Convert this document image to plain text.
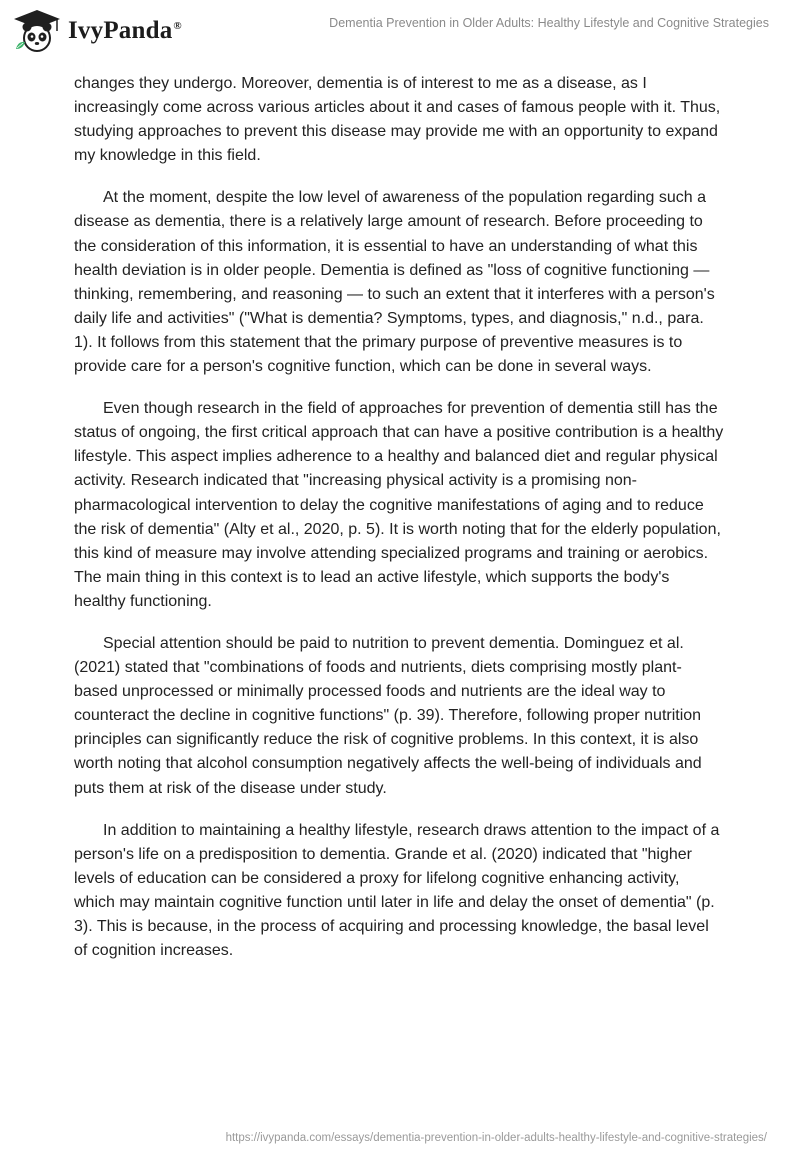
IvyPanda®	Dementia Prevention in Older Adults: Healthy Lifestyle and Cognitive Strategies

changes they undergo. Moreover, dementia is of interest to me as a disease, as I increasingly come across various articles about it and cases of famous people with it. Thus, studying approaches to prevent this disease may provide me with an opportunity to expand my knowledge in this field.

At the moment, despite the low level of awareness of the population regarding such a disease as dementia, there is a relatively large amount of research. Before proceeding to the consideration of this information, it is essential to have an understanding of what this health deviation is in older people. Dementia is defined as "loss of cognitive functioning — thinking, remembering, and reasoning — to such an extent that it interferes with a person's daily life and activities" ("What is dementia? Symptoms, types, and diagnosis," n.d., para. 1). It follows from this statement that the primary purpose of preventive measures is to provide care for a person's cognitive function, which can be done in several ways.

Even though research in the field of approaches for prevention of dementia still has the status of ongoing, the first critical approach that can have a positive contribution is a healthy lifestyle. This aspect implies adherence to a healthy and balanced diet and regular physical activity. Research indicated that "increasing physical activity is a promising non-pharmacological intervention to delay the cognitive manifestations of aging and to reduce the risk of dementia" (Alty et al., 2020, p. 5). It is worth noting that for the elderly population, this kind of measure may involve attending specialized programs and training or aerobics. The main thing in this context is to lead an active lifestyle, which supports the body's healthy functioning.

Special attention should be paid to nutrition to prevent dementia. Dominguez et al. (2021) stated that "combinations of foods and nutrients, diets comprising mostly plant-based unprocessed or minimally processed foods and nutrients are the ideal way to counteract the decline in cognitive functions" (p. 39). Therefore, following proper nutrition principles can significantly reduce the risk of cognitive problems. In this context, it is also worth noting that alcohol consumption negatively affects the well-being of individuals and puts them at risk of the disease under study.

In addition to maintaining a healthy lifestyle, research draws attention to the impact of a person's life on a predisposition to dementia. Grande et al. (2020) indicated that "higher levels of education can be considered a proxy for lifelong cognitive enhancing activity, which may maintain cognitive function until later in life and delay the onset of dementia" (p. 3). This is because, in the process of acquiring and processing knowledge, the basal level of cognition increases.

https://ivypanda.com/essays/dementia-prevention-in-older-adults-healthy-lifestyle-and-cognitive-strategies/
